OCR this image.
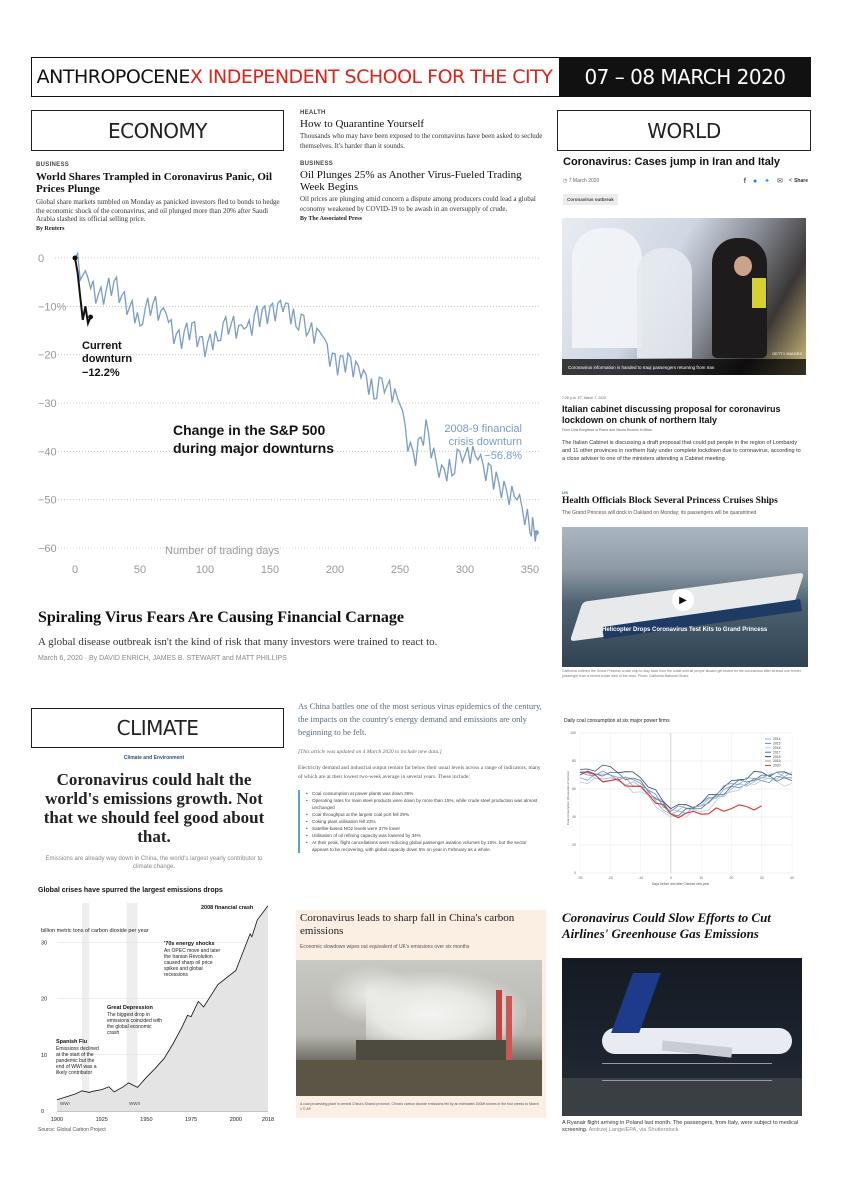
ANTHROPOCENE X INDEPENDENT SCHOOL FOR THE CITY	07 – 08 MARCH 2020
ECONOMY
BUSINESS
World Shares Trampled in Coronavirus Panic, Oil Prices Plunge
Global share markets tumbled on Monday as panicked investors fled to bonds to hedge the economic shock of the coronavirus, and oil plunged more than 20% after Saudi Arabia slashed its official selling price.
By Reuters
HEALTH
How to Quarantine Yourself
Thousands who may have been exposed to the coronavirus have been asked to seclude themselves. It's harder than it sounds.
BUSINESS
Oil Plunges 25% as Another Virus-Fueled Trading Week Begins
Oil prices are plunging amid concern a dispute among producers could lead a global economy weakened by COVID-19 to be awash in an oversupply of crude.
By The Associated Press
0
−10%
−20
−30
−40
−50
−60
0	50	100	150	200	250	300	350
Change in the S&P 500
during major downturns
Current
downturn
−12.2%
2008-9 financial
crisis downturn
−56.8%
Number of trading days
Spiraling Virus Fears Are Causing Financial Carnage
A global disease outbreak isn't the kind of risk that many investors were trained to react to.
March 6, 2020 · By DAVID ENRICH, JAMES B. STEWART and MATT PHILLIPS
WORLD
Coronavirus: Cases jump in Iran and Italy
◷ 7 March 2020	f ● ✦ ✉ < Share
Coronavirus outbreak
GETTY IMAGES
Coronavirus information is handed to Iraqi passengers returning from Iran
7:26 p.m. ET, March 7, 2020
Italian cabinet discussing proposal for coronavirus lockdown on chunk of northern Italy
From Livia Borghese in Rome and Nicola Ruotolo in Milan
The Italian Cabinet is discussing a draft proposal that could put people in the region of Lombardy and 11 other provinces in northern Italy under complete lockdown due to coronavirus, according to a close adviser to one of the ministers attending a Cabinet meeting.
US
Health Officials Block Several Princess Cruises Ships
The Grand Princess will dock in Oakland on Monday; its passengers will be quarantined
▶
Helicopter Drops Coronavirus Test Kits to Grand Princess
California ordered the Grand Princess cruise ship to stay back from the coast until all people aboard get tested for the coronavirus after at least one former passenger from a recent cruise died of the virus. Photo: California National Guard
CLIMATE
Climate and Environment
Coronavirus could halt the world's emissions growth. Not that we should feel good about that.
Emissions are already way down in China, the world's largest yearly contributor to climate change.
Global crises have spurred the largest emissions drops
30
20
10
0
1900	1925	1950	1975	2000	2018
billion metric tons of carbon dioxide per year
2008 financial crash
'70s energy shocks
An OPEC move and later the Iranian Revolution caused sharp oil price spikes and global recessions
Great Depression
The biggest drop in emissions coincided with the global economic crash
Spanish Flu
Emissions declined at the start of the pandemic but the end of WWI was a likely contributor
WWI	WWII
Source: Global Carbon Project
As China battles one of the most serious virus epidemics of the century, the impacts on the country's energy demand and emissions are only beginning to be felt.
[This article was updated on 4 March 2020 to include new data.]
Electricity demand and industrial output remain far below their usual levels across a range of indicators, many of which are at their lowest two-week average in several years. These include:
Coal consumption at power plants was down 36%
•
Operating rates for main steel products were down by more than 15%, while crude steel production was almost unchanged
•
Coal throughput at the largest coal port fell 29%
•
Coking plant utilisation fell 23%
•
Satellite-based NO2 levels were 37% lower
•
Utilisation of oil refining capacity was lowered by 34%
•
At their peak, flight cancellations were reducing global passenger aviation volumes by 10%, but the sector appears to be recovering, with global capacity down 5% on year in February as a whole.
•
Daily coal consumption at six major power firms
100
80
60
40
20
0
-30	-20	-10	0	10	20	30	40
2014
2015
2016
2017
2018
2019
2020
Coal consumption (thousands of tonnes)
Days before and after Chinese new year
Coronavirus leads to sharp fall in China's carbon emissions
Economic slowdown wipes out equivalent of UK's emissions over six months
A coal processing plant in central China's Shanxi province. China's carbon dioxide emissions fell by an estimated 100Mt tonnes in the four weeks to March 1 © AP
Coronavirus Could Slow Efforts to Cut Airlines' Greenhouse Gas Emissions
A Ryanair flight arriving in Poland last month. The passengers, from Italy, were subject to medical screening. Andrzej Lange/EPA, via Shutterstock
